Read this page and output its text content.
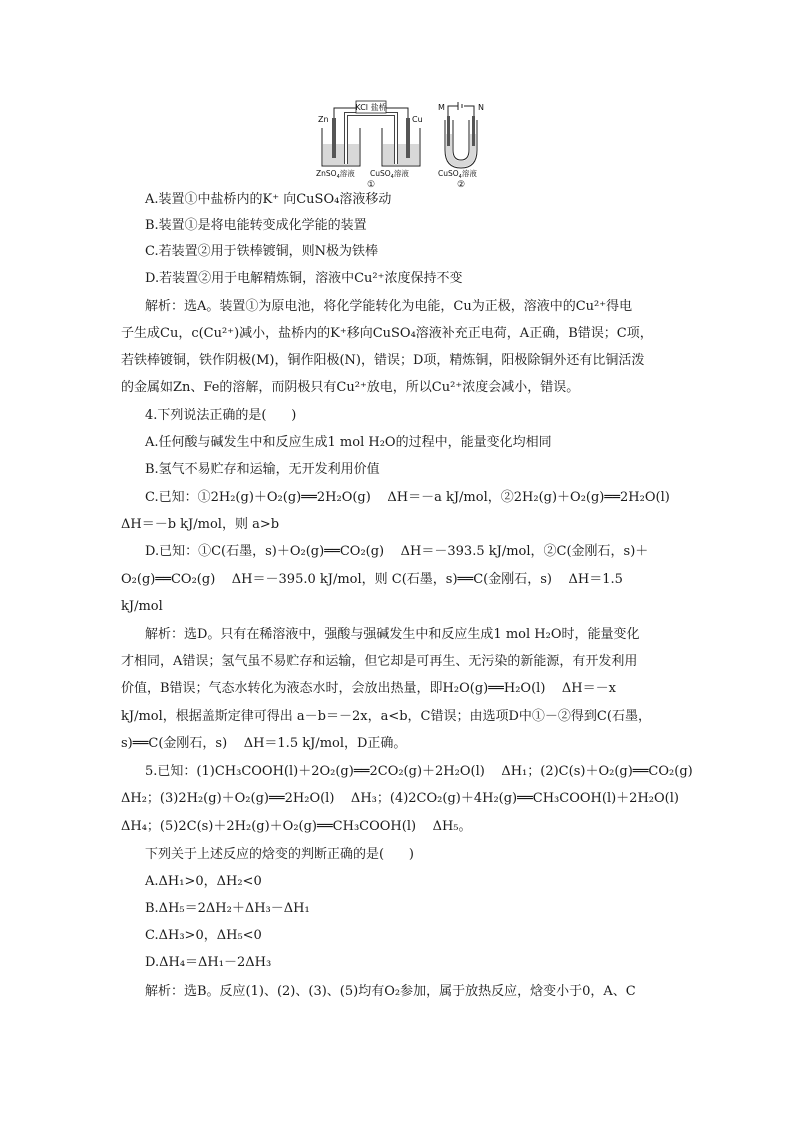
KCl 盐桥
Zn	Cu
ZnSO$_4$溶液 CuSO$_4$溶液
①
M	N
CuSO$_4$溶液
②
A.装置①中盐桥内的K⁺ 向CuSO₄溶液移动
B.装置①是将电能转变成化学能的装置
C.若装置②用于铁棒镀铜，则N极为铁棒
D.若装置②用于电解精炼铜，溶液中Cu²⁺浓度保持不变
解析：选A。装置①为原电池，将化学能转化为电能，Cu为正极，溶液中的Cu²⁺得电
子生成Cu，c(Cu²⁺)减小，盐桥内的K⁺移向CuSO₄溶液补充正电荷，A正确，B错误；C项，
若铁棒镀铜，铁作阴极(M)，铜作阳极(N)，错误；D项，精炼铜，阳极除铜外还有比铜活泼
的金属如Zn、Fe的溶解，而阴极只有Cu²⁺放电，所以Cu²⁺浓度会减小，错误。
4.下列说法正确的是(      )
A.任何酸与碱发生中和反应生成1 mol H₂O的过程中，能量变化均相同
B.氢气不易贮存和运输，无开发利用价值
C.已知：①2H₂(g)＋O₂(g)══2H₂O(g)    ΔH＝－a kJ/mol，②2H₂(g)＋O₂(g)══2H₂O(l)
ΔH＝－b kJ/mol，则 a>b
D.已知：①C(石墨，s)＋O₂(g)══CO₂(g)    ΔH＝－393.5 kJ/mol，②C(金刚石，s)＋
O₂(g)══CO₂(g)    ΔH＝－395.0 kJ/mol，则 C(石墨，s)══C(金刚石，s)    ΔH＝1.5
kJ/mol
解析：选D。只有在稀溶液中，强酸与强碱发生中和反应生成1 mol H₂O时，能量变化
才相同，A错误；氢气虽不易贮存和运输，但它却是可再生、无污染的新能源，有开发利用
价值，B错误；气态水转化为液态水时，会放出热量，即H₂O(g)══H₂O(l)    ΔH＝－x
kJ/mol，根据盖斯定律可得出 a－b＝－2x，a<b，C错误；由选项D中①－②得到C(石墨，
s)══C(金刚石，s)    ΔH＝1.5 kJ/mol，D正确。
5.已知：(1)CH₃COOH(l)＋2O₂(g)══2CO₂(g)＋2H₂O(l)    ΔH₁；(2)C(s)＋O₂(g)══CO₂(g)
ΔH₂；(3)2H₂(g)＋O₂(g)══2H₂O(l)    ΔH₃；(4)2CO₂(g)＋4H₂(g)══CH₃COOH(l)＋2H₂O(l)
ΔH₄；(5)2C(s)＋2H₂(g)＋O₂(g)══CH₃COOH(l)    ΔH₅。
下列关于上述反应的焓变的判断正确的是(      )
A.ΔH₁>0，ΔH₂<0
B.ΔH₅＝2ΔH₂＋ΔH₃－ΔH₁
C.ΔH₃>0，ΔH₅<0
D.ΔH₄＝ΔH₁－2ΔH₃
解析：选B。反应(1)、(2)、(3)、(5)均有O₂参加，属于放热反应，焓变小于0，A、C
